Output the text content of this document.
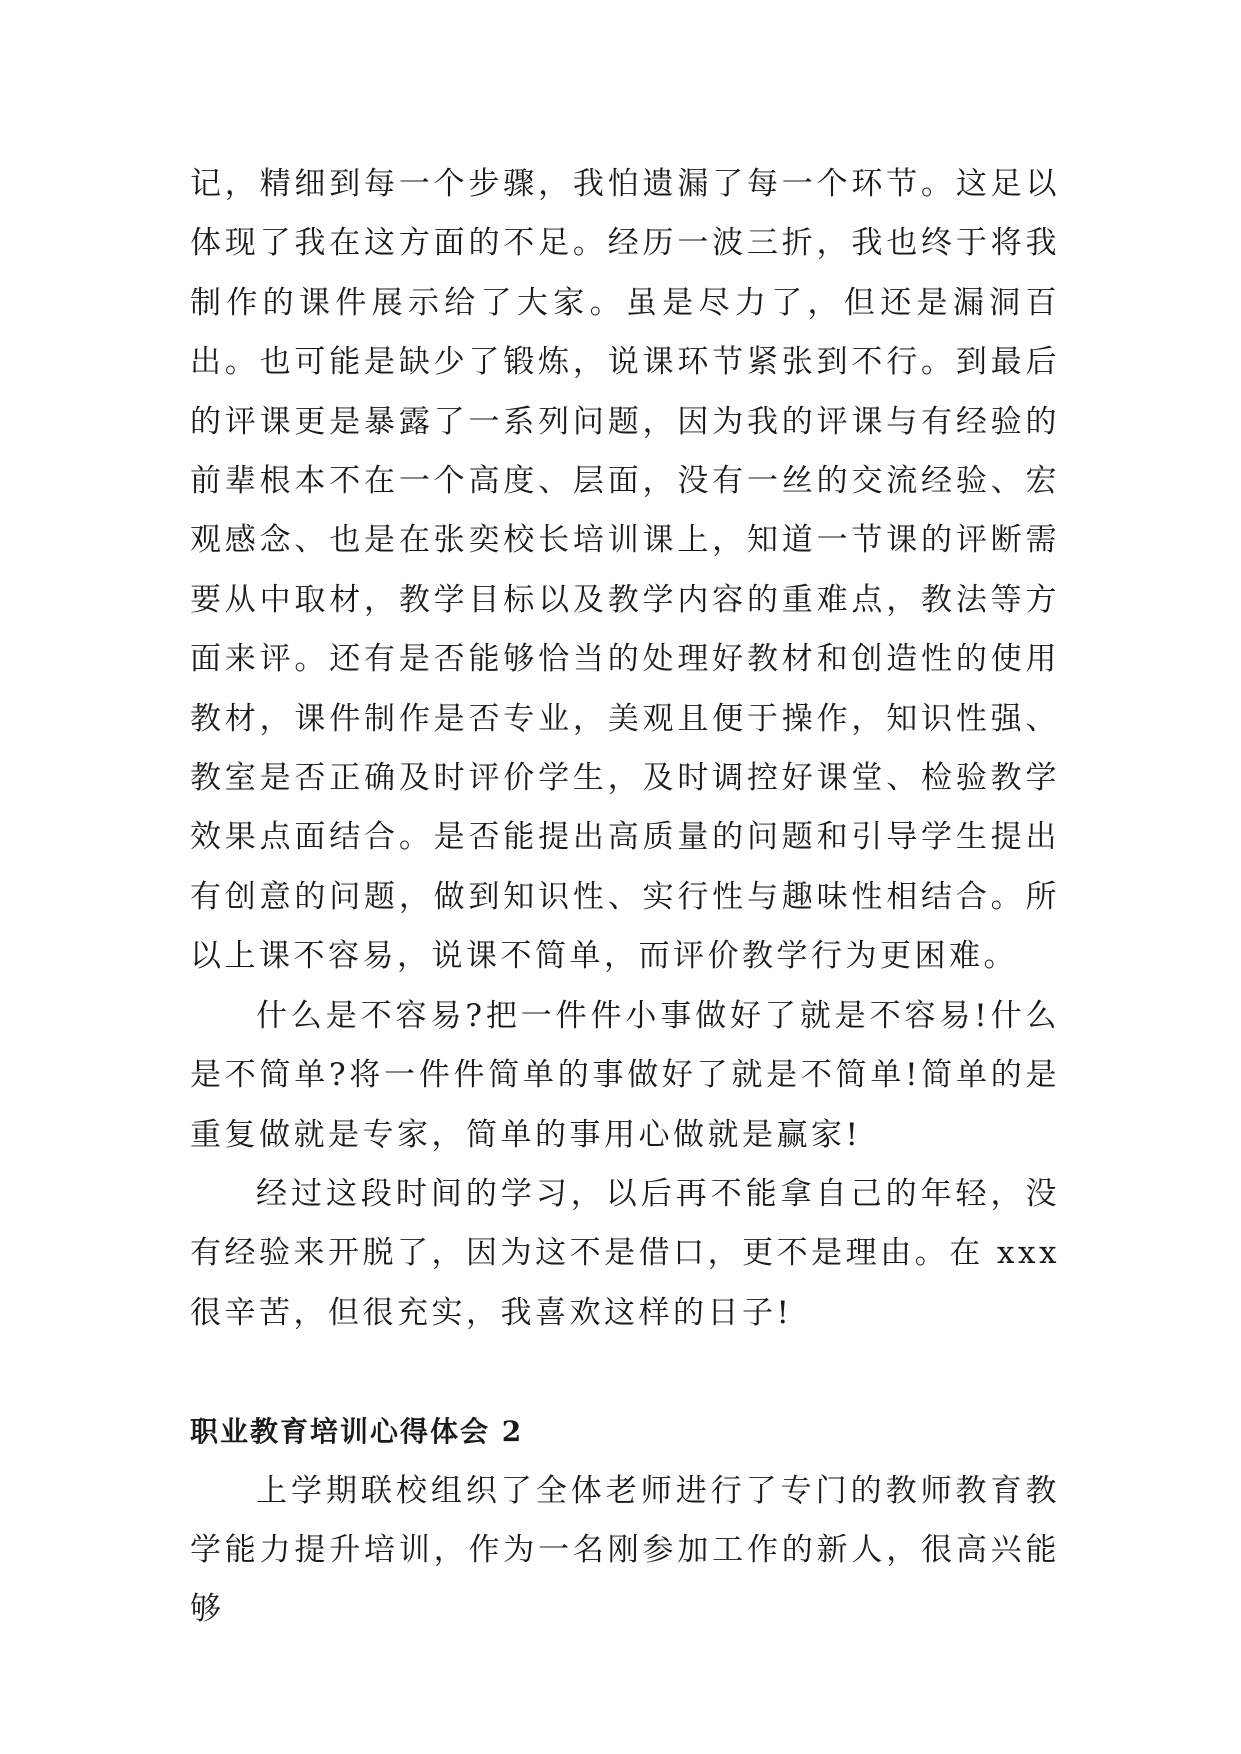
记，精细到每一个步骤，我怕遗漏了每一个环节。这足以体现了我在这方面的不足。经历一波三折，我也终于将我制作的课件展示给了大家。虽是尽力了，但还是漏洞百出。也可能是缺少了锻炼，说课环节紧张到不行。到最后的评课更是暴露了一系列问题，因为我的评课与有经验的前辈根本不在一个高度、层面，没有一丝的交流经验、宏观感念、也是在张奕校长培训课上，知道一节课的评断需要从中取材，教学目标以及教学内容的重难点，教法等方面来评。还有是否能够恰当的处理好教材和创造性的使用教材，课件制作是否专业，美观且便于操作，知识性强、教室是否正确及时评价学生，及时调控好课堂、检验教学效果点面结合。是否能提出高质量的问题和引导学生提出有创意的问题，做到知识性、实行性与趣味性相结合。所以上课不容易，说课不简单，而评价教学行为更困难。

什么是不容易?把一件件小事做好了就是不容易!什么是不简单?将一件件简单的事做好了就是不简单!简单的是重复做就是专家，简单的事用心做就是赢家!

经过这段时间的学习，以后再不能拿自己的年轻，没有经验来开脱了，因为这不是借口，更不是理由。在 xxx 很辛苦，但很充实，我喜欢这样的日子!

职业教育培训心得体会 2

上学期联校组织了全体老师进行了专门的教师教育教学能力提升培训，作为一名刚参加工作的新人，很高兴能够
